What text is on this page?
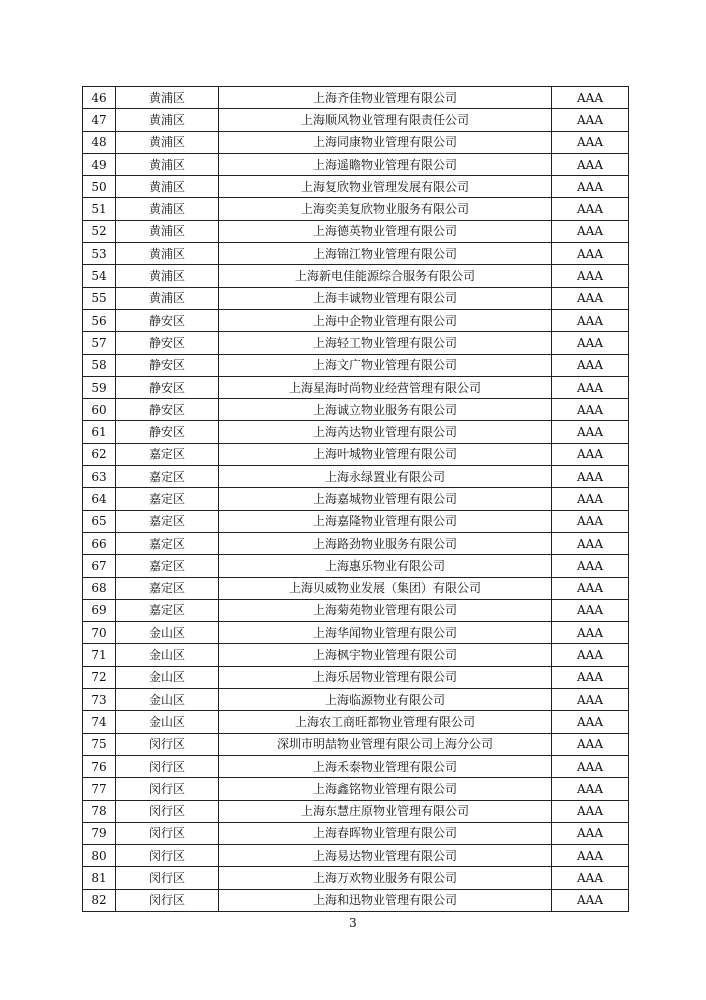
46	黄浦区	上海齐佳物业管理有限公司	AAA
47	黄浦区	上海顺风物业管理有限责任公司	AAA
48	黄浦区	上海同康物业管理有限公司	AAA
49	黄浦区	上海遥瞻物业管理有限公司	AAA
50	黄浦区	上海复欣物业管理发展有限公司	AAA
51	黄浦区	上海奕美复欣物业服务有限公司	AAA
52	黄浦区	上海德英物业管理有限公司	AAA
53	黄浦区	上海锦江物业管理有限公司	AAA
54	黄浦区	上海新电佳能源综合服务有限公司	AAA
55	黄浦区	上海丰诚物业管理有限公司	AAA
56	静安区	上海中企物业管理有限公司	AAA
57	静安区	上海轻工物业管理有限公司	AAA
58	静安区	上海文广物业管理有限公司	AAA
59	静安区	上海星海时尚物业经营管理有限公司	AAA
60	静安区	上海诚立物业服务有限公司	AAA
61	静安区	上海芮达物业管理有限公司	AAA
62	嘉定区	上海叶城物业管理有限公司	AAA
63	嘉定区	上海永绿置业有限公司	AAA
64	嘉定区	上海嘉城物业管理有限公司	AAA
65	嘉定区	上海嘉隆物业管理有限公司	AAA
66	嘉定区	上海路劲物业服务有限公司	AAA
67	嘉定区	上海惠乐物业有限公司	AAA
68	嘉定区	上海贝威物业发展（集团）有限公司	AAA
69	嘉定区	上海菊苑物业管理有限公司	AAA
70	金山区	上海华闻物业管理有限公司	AAA
71	金山区	上海枫宇物业管理有限公司	AAA
72	金山区	上海乐居物业管理有限公司	AAA
73	金山区	上海临源物业有限公司	AAA
74	金山区	上海农工商旺都物业管理有限公司	AAA
75	闵行区	深圳市明喆物业管理有限公司上海分公司	AAA
76	闵行区	上海禾泰物业管理有限公司	AAA
77	闵行区	上海鑫铭物业管理有限公司	AAA
78	闵行区	上海东慧庄原物业管理有限公司	AAA
79	闵行区	上海春晖物业管理有限公司	AAA
80	闵行区	上海易达物业管理有限公司	AAA
81	闵行区	上海万欢物业服务有限公司	AAA
82	闵行区	上海和迅物业管理有限公司	AAA
3
